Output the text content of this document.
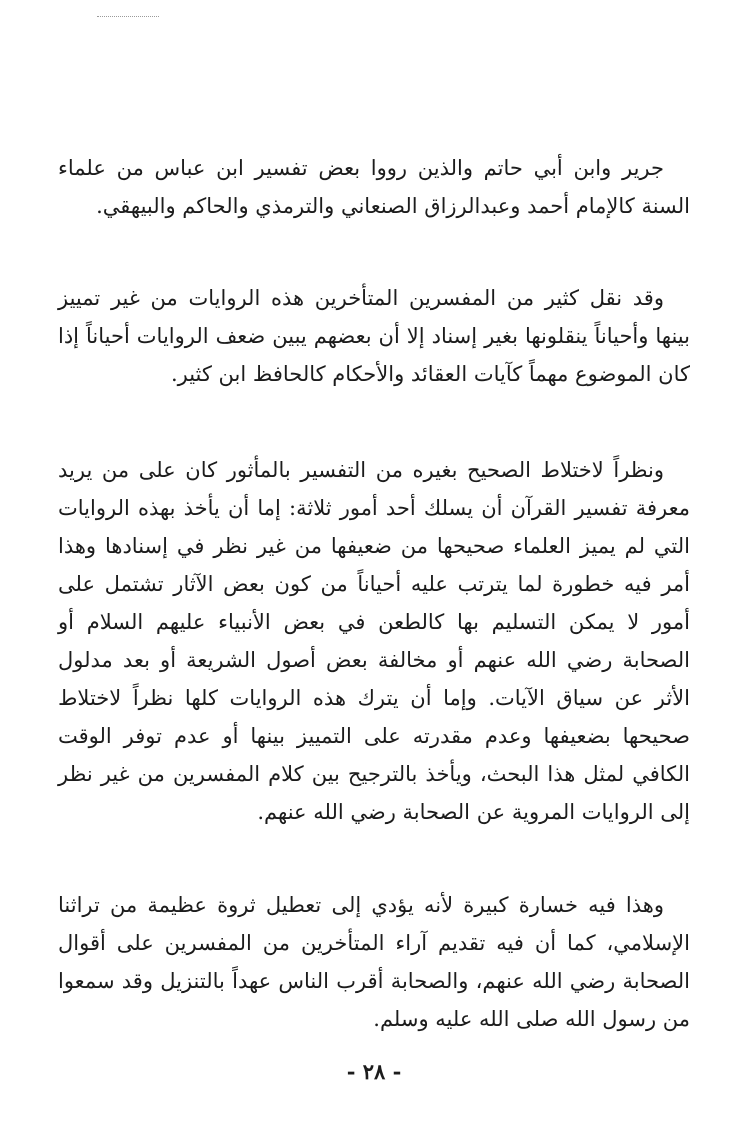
جرير وابن أبي حاتم والذين رووا بعض تفسير ابن عباس من علماء السنة كالإمام أحمد وعبدالرزاق الصنعاني والترمذي والحاكم والبيهقي.

وقد نقل كثير من المفسرين المتأخرين هذه الروايات من غير تمييز بينها وأحياناً ينقلونها بغير إسناد إلا أن بعضهم يبين ضعف الروايات أحياناً إذا كان الموضوع مهماً كآيات العقائد والأحكام كالحافظ ابن كثير.

ونظراً لاختلاط الصحيح بغيره من التفسير بالمأثور كان على من يريد معرفة تفسير القرآن أن يسلك أحد أمور ثلاثة: إما أن يأخذ بهذه الروايات التي لم يميز العلماء صحيحها من ضعيفها من غير نظر في إسنادها وهذا أمر فيه خطورة لما يترتب عليه أحياناً من كون بعض الآثار تشتمل على أمور لا يمكن التسليم بها كالطعن في بعض الأنبياء عليهم السلام أو الصحابة رضي الله عنهم أو مخالفة بعض أصول الشريعة أو بعد مدلول الأثر عن سياق الآيات. وإما أن يترك هذه الروايات كلها نظراً لاختلاط صحيحها بضعيفها وعدم مقدرته على التمييز بينها أو عدم توفر الوقت الكافي لمثل هذا البحث، ويأخذ بالترجيح بين كلام المفسرين من غير نظر إلى الروايات المروية عن الصحابة رضي الله عنهم.

وهذا فيه خسارة كبيرة لأنه يؤدي إلى تعطيل ثروة عظيمة من تراثنا الإسلامي، كما أن فيه تقديم آراء المتأخرين من المفسرين على أقوال الصحابة رضي الله عنهم، والصحابة أقرب الناس عهداً بالتنزيل وقد سمعوا من رسول الله صلى الله عليه وسلم.

- ٢٨ -
